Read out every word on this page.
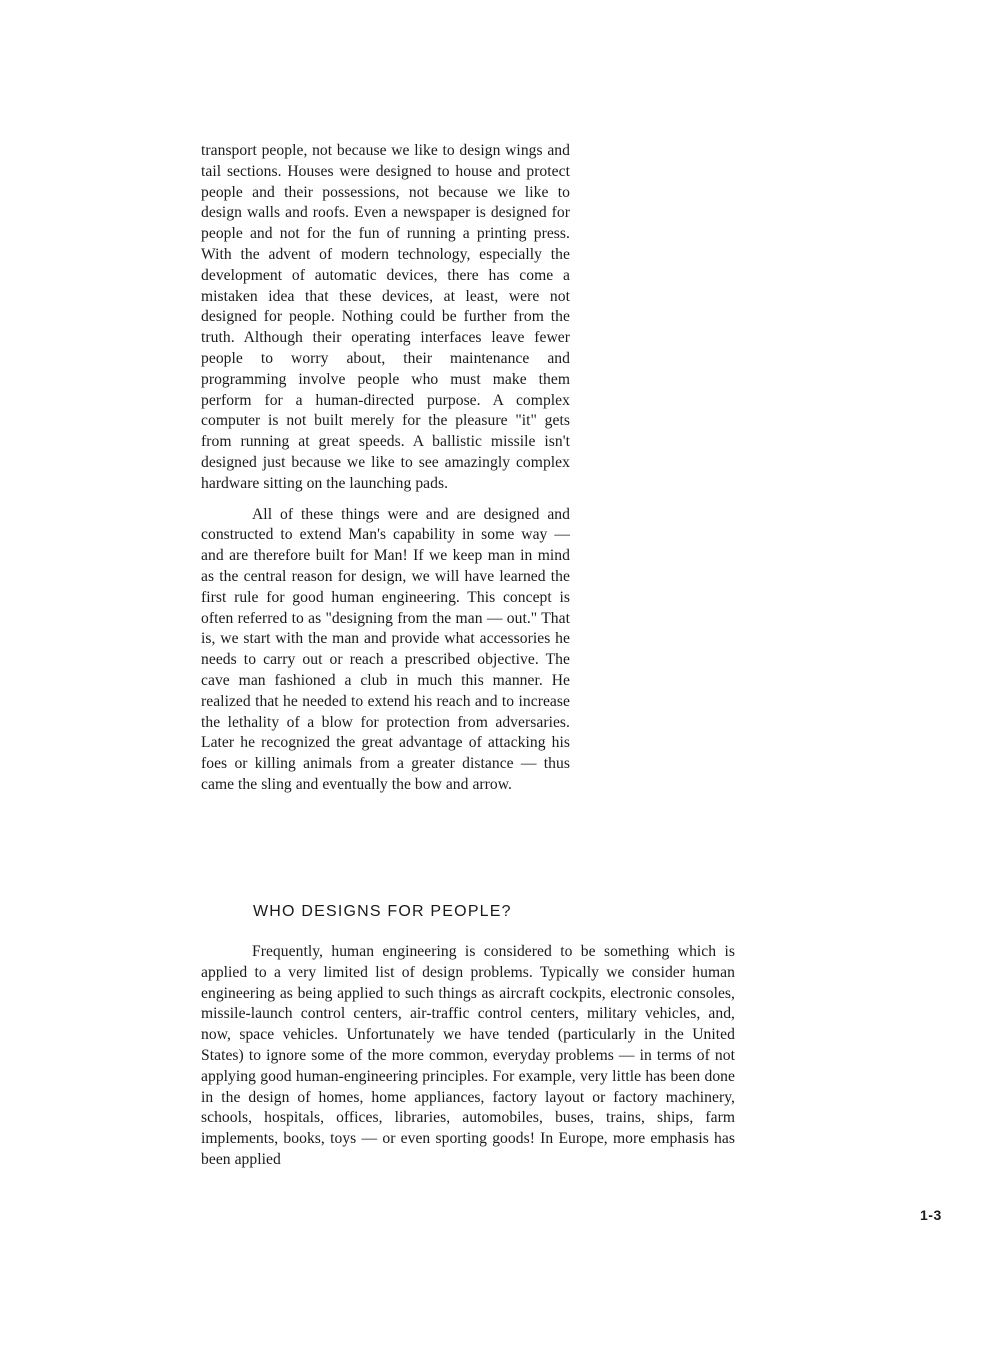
transport people, not because we like to design wings and tail sections. Houses were designed to house and protect people and their possessions, not because we like to design walls and roofs. Even a newspaper is designed for people and not for the fun of running a printing press. With the advent of modern technology, especially the development of automatic devices, there has come a mistaken idea that these devices, at least, were not designed for people. Nothing could be further from the truth. Although their operating interfaces leave fewer people to worry about, their maintenance and programming involve people who must make them perform for a human-directed purpose. A complex computer is not built merely for the pleasure "it" gets from running at great speeds. A ballistic missile isn't designed just because we like to see amazingly complex hardware sitting on the launching pads.

All of these things were and are designed and constructed to extend Man's capability in some way — and are therefore built for Man! If we keep man in mind as the central reason for design, we will have learned the first rule for good human engineering. This concept is often referred to as "designing from the man — out." That is, we start with the man and provide what accessories he needs to carry out or reach a prescribed objective. The cave man fashioned a club in much this manner. He realized that he needed to extend his reach and to increase the lethality of a blow for protection from adversaries. Later he recognized the great advantage of attacking his foes or killing animals from a greater distance — thus came the sling and eventually the bow and arrow.

WHO DESIGNS FOR PEOPLE?

Frequently, human engineering is considered to be something which is applied to a very limited list of design problems. Typically we consider human engineering as being applied to such things as aircraft cockpits, electronic consoles, missile-launch control centers, air-traffic control centers, military vehicles, and, now, space vehicles. Unfortunately we have tended (particularly in the United States) to ignore some of the more common, everyday problems — in terms of not applying good human-engineering principles. For example, very little has been done in the design of homes, home appliances, factory layout or factory machinery, schools, hospitals, offices, libraries, automobiles, buses, trains, ships, farm implements, books, toys — or even sporting goods! In Europe, more emphasis has been applied

1-3
